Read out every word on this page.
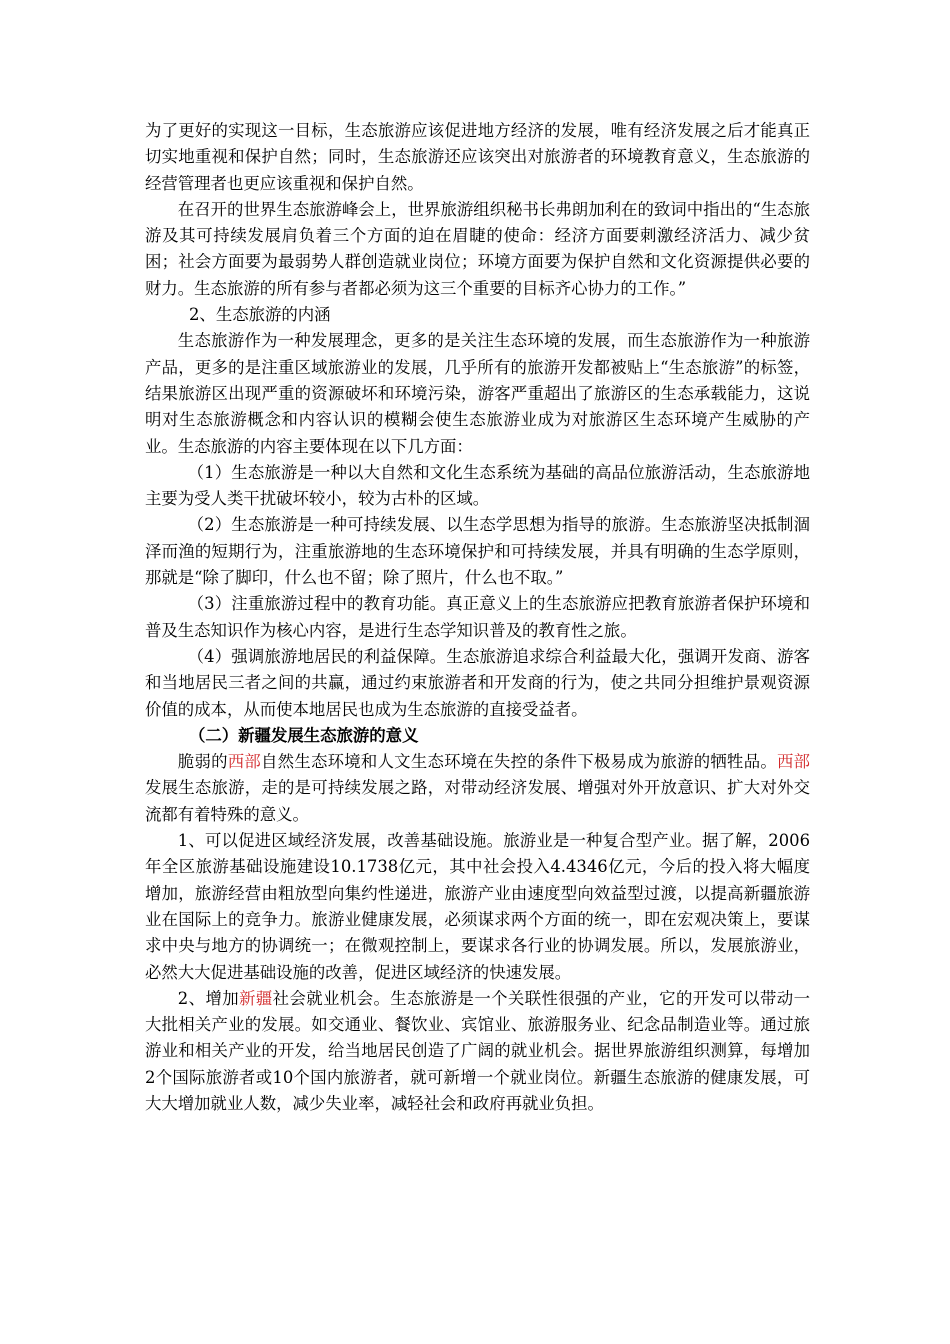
为了更好的实现这一目标，生态旅游应该促进地方经济的发展，唯有经济发展之后才能真正切实地重视和保护自然；同时，生态旅游还应该突出对旅游者的环境教育意义，生态旅游的经营管理者也更应该重视和保护自然。

在召开的世界生态旅游峰会上，世界旅游组织秘书长弗朗加利在的致词中指出的“生态旅游及其可持续发展肩负着三个方面的迫在眉睫的使命：经济方面要刺激经济活力、减少贫困；社会方面要为最弱势人群创造就业岗位；环境方面要为保护自然和文化资源提供必要的财力。生态旅游的所有参与者都必须为这三个重要的目标齐心协力的工作。”

2、生态旅游的内涵

生态旅游作为一种发展理念，更多的是关注生态环境的发展，而生态旅游作为一种旅游产品，更多的是注重区域旅游业的发展，几乎所有的旅游开发都被贴上“生态旅游”的标签，结果旅游区出现严重的资源破坏和环境污染，游客严重超出了旅游区的生态承载能力，这说明对生态旅游概念和内容认识的模糊会使生态旅游业成为对旅游区生态环境产生威胁的产业。生态旅游的内容主要体现在以下几方面：

（1）生态旅游是一种以大自然和文化生态系统为基础的高品位旅游活动，生态旅游地主要为受人类干扰破坏较小，较为古朴的区域。

（2）生态旅游是一种可持续发展、以生态学思想为指导的旅游。生态旅游坚决抵制涸泽而渔的短期行为，注重旅游地的生态环境保护和可持续发展，并具有明确的生态学原则，那就是“除了脚印，什么也不留；除了照片，什么也不取。”

（3）注重旅游过程中的教育功能。真正意义上的生态旅游应把教育旅游者保护环境和普及生态知识作为核心内容，是进行生态学知识普及的教育性之旅。

（4）强调旅游地居民的利益保障。生态旅游追求综合利益最大化，强调开发商、游客和当地居民三者之间的共赢，通过约束旅游者和开发商的行为，使之共同分担维护景观资源价值的成本，从而使本地居民也成为生态旅游的直接受益者。

（二）新疆发展生态旅游的意义

脆弱的西部自然生态环境和人文生态环境在失控的条件下极易成为旅游的牺牲品。西部发展生态旅游，走的是可持续发展之路，对带动经济发展、增强对外开放意识、扩大对外交流都有着特殊的意义。

1、可以促进区域经济发展，改善基础设施。旅游业是一种复合型产业。据了解，2006年全区旅游基础设施建设10.1738亿元，其中社会投入4.4346亿元，今后的投入将大幅度增加，旅游经营由粗放型向集约性递进，旅游产业由速度型向效益型过渡，以提高新疆旅游业在国际上的竞争力。旅游业健康发展，必须谋求两个方面的统一，即在宏观决策上，要谋求中央与地方的协调统一；在微观控制上，要谋求各行业的协调发展。所以，发展旅游业，必然大大促进基础设施的改善，促进区域经济的快速发展。

2、增加新疆社会就业机会。生态旅游是一个关联性很强的产业，它的开发可以带动一大批相关产业的发展。如交通业、餐饮业、宾馆业、旅游服务业、纪念品制造业等。通过旅游业和相关产业的开发，给当地居民创造了广阔的就业机会。据世界旅游组织测算，每增加2个国际旅游者或10个国内旅游者，就可新增一个就业岗位。新疆生态旅游的健康发展，可大大增加就业人数，减少失业率，减轻社会和政府再就业负担。
